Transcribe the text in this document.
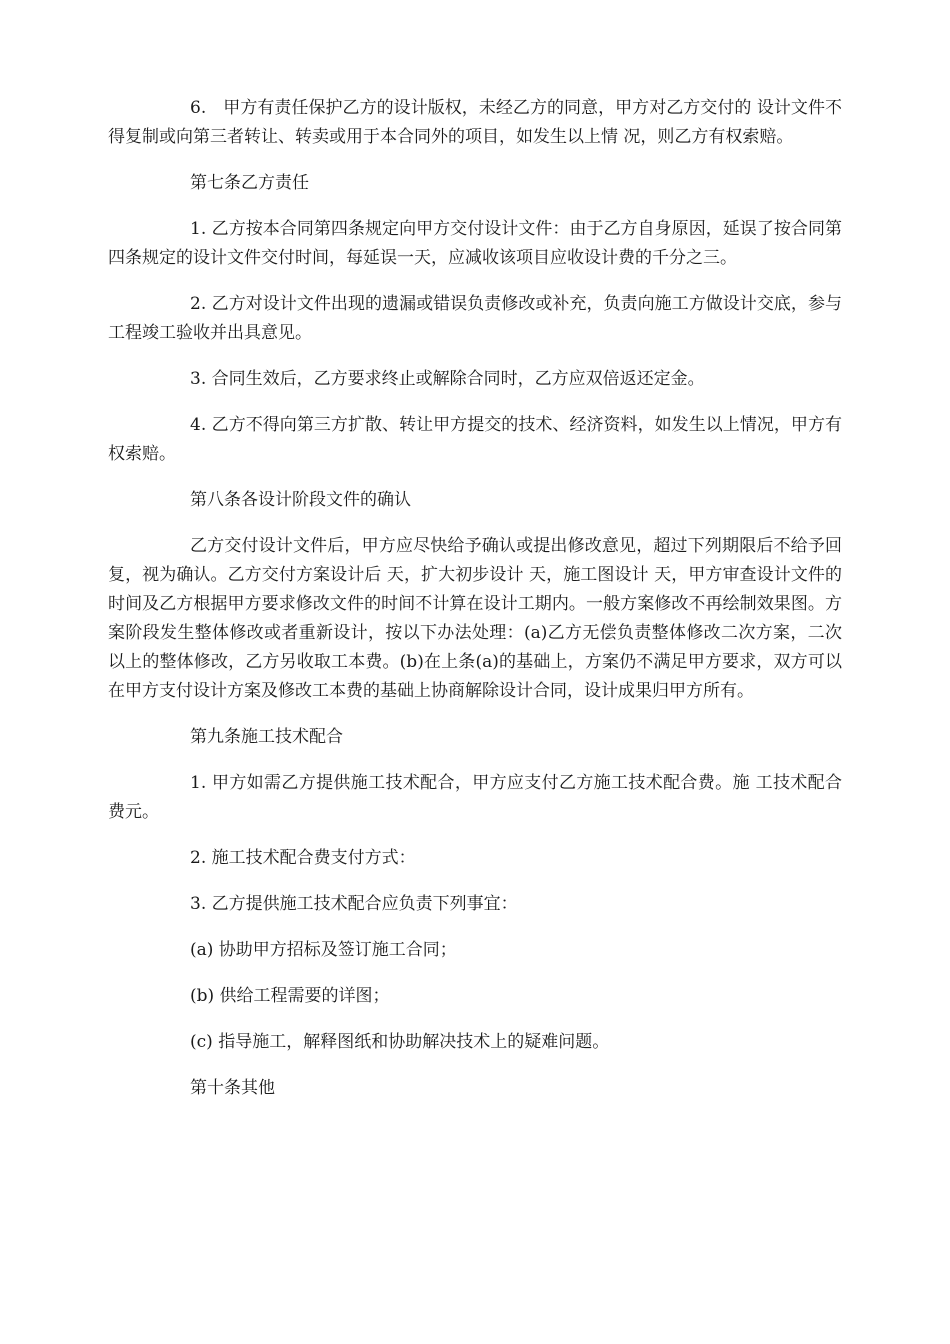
6.　甲方有责任保护乙方的设计版权，未经乙方的同意，甲方对乙方交付的 设计文件不得复制或向第三者转让、转卖或用于本合同外的项目，如发生以上情 况，则乙方有权索赔。

第七条乙方责任

1. 乙方按本合同第四条规定向甲方交付设计文件：由于乙方自身原因，延误了按合同第四条规定的设计文件交付时间，每延误一天，应减收该项目应收设计费的千分之三。

2. 乙方对设计文件出现的遗漏或错误负责修改或补充，负责向施工方做设计交底，参与工程竣工验收并出具意见。

3. 合同生效后，乙方要求终止或解除合同时，乙方应双倍返还定金。

4. 乙方不得向第三方扩散、转让甲方提交的技术、经济资料，如发生以上情况，甲方有权索赔。

第八条各设计阶段文件的确认

乙方交付设计文件后，甲方应尽快给予确认或提出修改意见，超过下列期限后不给予回复，视为确认。乙方交付方案设计后 天，扩大初步设计 天，施工图设计 天，甲方审查设计文件的时间及乙方根据甲方要求修改文件的时间不计算在设计工期内。一般方案修改不再绘制效果图。方案阶段发生整体修改或者重新设计，按以下办法处理：(a)乙方无偿负责整体修改二次方案，二次以上的整体修改，乙方另收取工本费。(b)在上条(a)的基础上，方案仍不满足甲方要求，双方可以在甲方支付设计方案及修改工本费的基础上协商解除设计合同，设计成果归甲方所有。

第九条施工技术配合

1. 甲方如需乙方提供施工技术配合，甲方应支付乙方施工技术配合费。施 工技术配合费元。

2. 施工技术配合费支付方式：

3. 乙方提供施工技术配合应负责下列事宜：

(a) 协助甲方招标及签订施工合同；

(b) 供给工程需要的详图；

(c) 指导施工，解释图纸和协助解决技术上的疑难问题。

第十条其他
